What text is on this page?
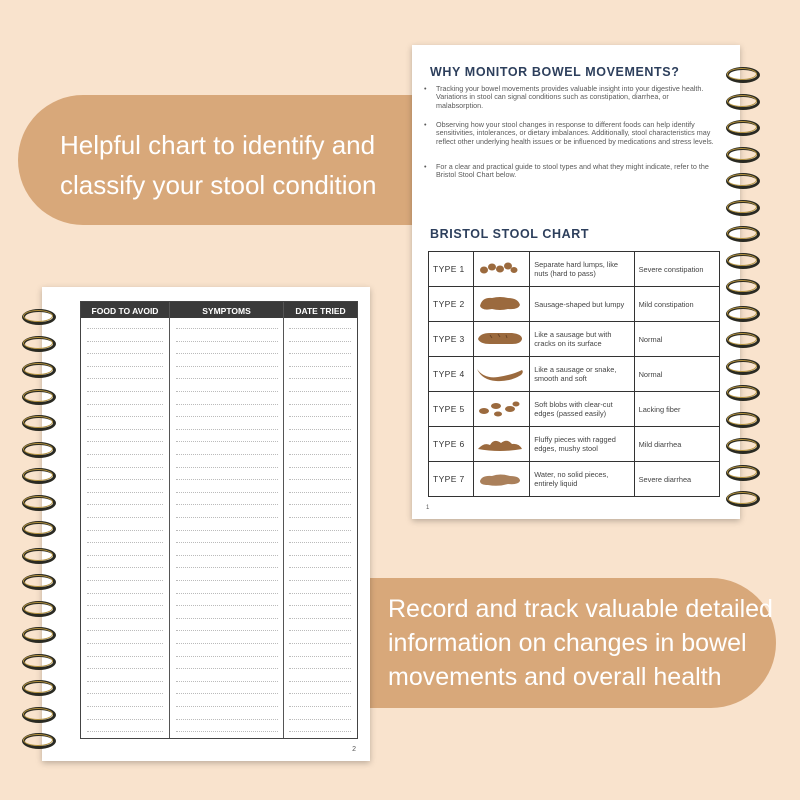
Helpful chart to identify and
classify your stool condition
Record and track valuable detailed
information on changes in bowel
movements and overall health
WHY MONITOR BOWEL MOVEMENTS?
•	Tracking your bowel movements provides valuable insight into your digestive health. Variations in stool can signal conditions such as constipation, diarrhea, or malabsorption.
•	Observing how your stool changes in response to different foods can help identify sensitivities, intolerances, or dietary imbalances. Additionally, stool characteristics may reflect other underlying health issues or be influenced by medications and stress levels.
•	For a clear and practical guide to stool types and what they might indicate, refer to the Bristol Stool Chart below.
BRISTOL STOOL CHART
TYPE 1		Separate hard lumps, like nuts (hard to pass)	Severe constipation
TYPE 2		Sausage-shaped but lumpy	Mild constipation
TYPE 3		Like a sausage but with cracks on its surface	Normal
TYPE 4		Like a sausage or snake, smooth and soft	Normal
TYPE 5		Soft blobs with clear-cut edges (passed easily)	Lacking fiber
TYPE 6		Fluffy pieces with ragged edges, mushy stool	Mild diarrhea
TYPE 7		Water, no solid pieces, entirely liquid	Severe diarrhea
1
FOOD TO AVOID	SYMPTOMS	DATE TRIED
2
